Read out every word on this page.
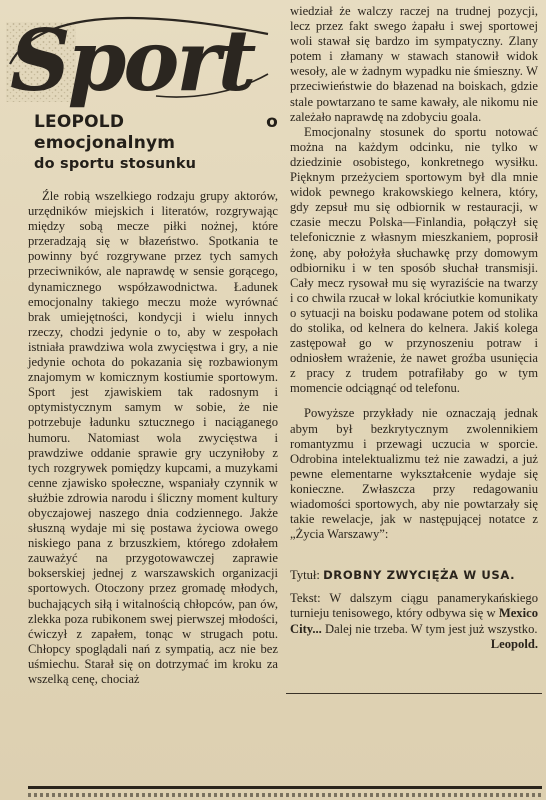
Sport
LEOPOLD o emocjonalnym
do sportu stosunku

Źle robią wszelkiego rodzaju grupy aktorów, urzędników miejskich i literatów, rozgrywając między sobą mecze piłki nożnej, które przeradzają się w błazeństwo. Spotkania te powinny być rozgrywane przez tych samych przeciwników, ale naprawdę w sensie gorącego, dynamicznego współzawodnictwa. Ładunek emocjonalny takiego meczu może wyrównać brak umiejętności, kondycji i wielu innych rzeczy, chodzi jedynie o to, aby w zespołach istniała prawdziwa wola zwycięstwa i gry, a nie jedynie ochota do pokazania się rozbawionym znajomym w komicznym kostiumie sportowym. Sport jest zjawiskiem tak radosnym i optymistycznym samym w sobie, że nie potrzebuje ładunku sztucznego i naciąganego humoru. Natomiast wola zwycięstwa i prawdziwe oddanie sprawie gry uczyniłoby z tych rozgrywek pomiędzy kupcami, a muzykami cenne zjawisko społeczne, wspaniały czynnik w służbie zdrowia narodu i śliczny moment kultury obyczajowej naszego dnia codziennego. Jakże słuszną wydaje mi się postawa życiowa owego niskiego pana z brzuszkiem, którego zdołałem zauważyć na przygotowawczej zaprawie bokserskiej jednej z warszawskich organizacji sportowych. Otoczony przez gromadę młodych, buchających siłą i witalnością chłopców, pan ów, zlekka poza rubikonem swej pierwszej młodości, ćwiczył z zapałem, tonąc w strugach potu. Chłopcy spoglądali nań z sympatią, acz nie bez uśmiechu. Starał się on dotrzymać im kroku za wszelką cenę, chociaż

wiedział że walczy raczej na trudnej pozycji, lecz przez fakt swego żapału i swej sportowej woli stawał się bardzo im sympatyczny. Zlany potem i złamany w stawach stanowił widok wesoły, ale w żadnym wypadku nie śmieszny. W przeciwieństwie do błazenad na boiskach, gdzie stale powtarzano te same kawały, ale nikomu nie zależało naprawdę na zdobyciu goala.

Emocjonalny stosunek do sportu notować można na każdym odcinku, nie tylko w dziedzinie osobistego, konkretnego wysiłku. Pięknym przeżyciem sportowym był dla mnie widok pewnego krakowskiego kelnera, który, gdy zepsuł mu się odbiornik w restauracji, w czasie meczu Polska—Finlandia, połączył się telefonicznie z własnym mieszkaniem, poprosił żonę, aby położyła słuchawkę przy domowym odbiorniku i w ten sposób słuchał transmisji. Cały mecz rysował mu się wyraziście na twarzy i co chwila rzucał w lokal króciutkie komunikaty o sytuacji na boisku podawane potem od stolika do stolika, od kelnera do kelnera. Jakiś kolega zastępował go w przynoszeniu potraw i odniosłem wrażenie, że nawet groźba usunięcia z pracy z trudem potrafiłaby go w tym momencie odciągnąć od telefonu.

Powyższe przykłady nie oznaczają jednak abym był bezkrytycznym zwolennikiem romantyzmu i przewagi uczucia w sporcie. Odrobina intelektualizmu też nie zawadzi, a już pewne elementarne wykształcenie wydaje się konieczne. Zwłaszcza przy redagowaniu wiadomości sportowych, aby nie powtarzały się takie rewelacje, jak w następującej notatce z „Życia Warszawy”:

Tytuł: DROBNY ZWYCIĘŻA W USA.

Tekst: W dalszym ciągu panamerykańskiego turnieju tenisowego, który odbywa się w Mexico City... Dalej nie trzeba. W tym jest już wszystko.
Leopold.
